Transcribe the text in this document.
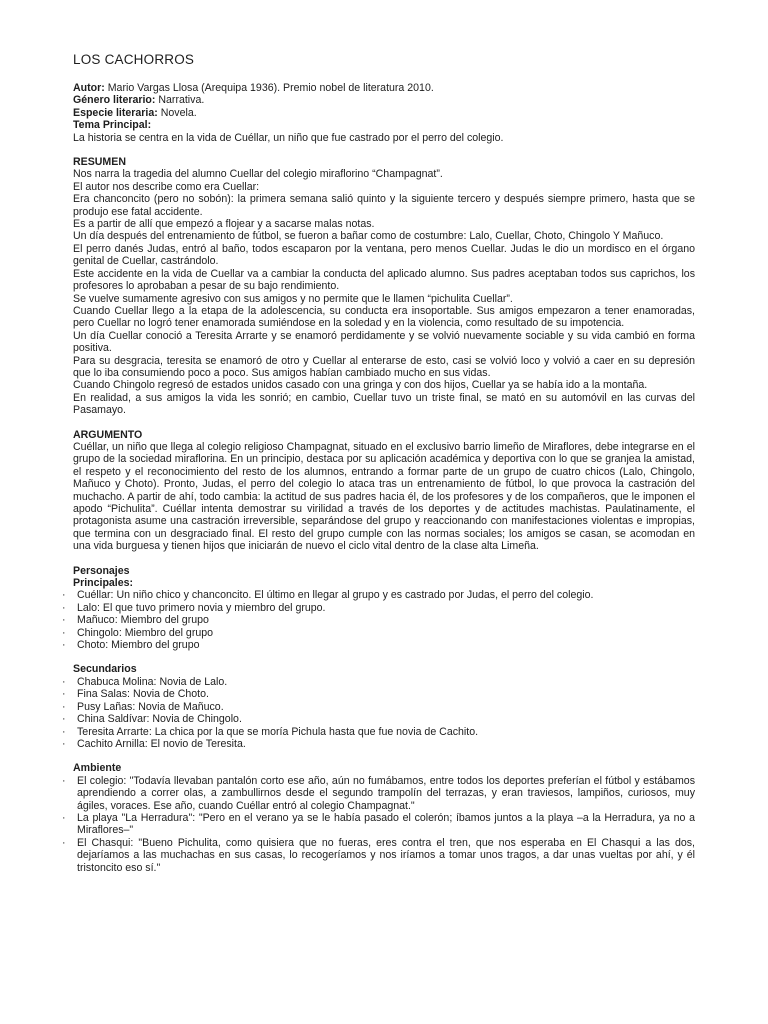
LOS CACHORROS

Autor: Mario Vargas Llosa (Arequipa 1936). Premio nobel de literatura 2010.

Género literario: Narrativa.

Especie literaria: Novela.

Tema Principal:

La historia se centra en la vida de Cuéllar, un niño que fue castrado por el perro del colegio.

RESUMEN

Nos narra la tragedia del alumno Cuellar del colegio miraflorino “Champagnat”.

El autor nos describe como era Cuellar:

Era chanconcito (pero no sobón): la primera semana salió quinto y la siguiente tercero y después siempre primero, hasta que se produjo ese fatal accidente.

Es a partir de allí que empezó a flojear y a sacarse malas notas.

Un día después del entrenamiento de fútbol, se fueron a bañar como de costumbre: Lalo, Cuellar, Choto, Chingolo Y Mañuco.

El perro danés Judas, entró al baño, todos escaparon por la ventana, pero menos Cuellar. Judas le dio un mordisco en el órgano genital de Cuellar, castrándolo.

Este accidente en la vida de Cuellar va a cambiar la conducta del aplicado alumno. Sus padres aceptaban todos sus caprichos, los profesores lo aprobaban a pesar de su bajo rendimiento.

Se vuelve sumamente agresivo con sus amigos y no permite que le llamen “pichulita Cuellar”.

Cuando Cuellar llego a la etapa de la adolescencia, su conducta era insoportable. Sus amigos empezaron a tener enamoradas, pero Cuellar no logró tener enamorada sumiéndose en la soledad y en la violencia, como resultado de su impotencia.

Un día Cuellar conoció a Teresita Arrarte y se enamoró perdidamente y se volvió nuevamente sociable y su vida cambió en forma positiva.

Para su desgracia, teresita se enamoró de otro y Cuellar al enterarse de esto, casi se volvió loco y volvió a caer en su depresión que lo iba consumiendo poco a poco. Sus amigos habían cambiado mucho en sus vidas.

Cuando Chingolo regresó de estados unidos casado con una gringa y con dos hijos, Cuellar ya se había ido a la montaña.

En realidad, a sus amigos la vida les sonrió; en cambio, Cuellar tuvo un triste final, se mató en su automóvil en las curvas del Pasamayo.

ARGUMENTO

Cuéllar, un niño que llega al colegio religioso Champagnat, situado en el exclusivo barrio limeño de Miraflores, debe integrarse en el grupo de la sociedad miraflorina. En un principio, destaca por su aplicación académica y deportiva con lo que se granjea la amistad, el respeto y el reconocimiento del resto de los alumnos, entrando a formar parte de un grupo de cuatro chicos (Lalo, Chingolo, Mañuco y Choto). Pronto, Judas, el perro del colegio lo ataca tras un entrenamiento de fútbol, lo que provoca la castración del muchacho. A partir de ahí, todo cambia: la actitud de sus padres hacia él, de los profesores y de los compañeros, que le imponen el apodo “Pichulita”. Cuéllar intenta demostrar su virilidad a través de los deportes y de actitudes machistas. Paulatinamente, el protagonista asume una castración irreversible, separándose del grupo y reaccionando con manifestaciones violentas e impropias, que termina con un desgraciado final. El resto del grupo cumple con las normas sociales; los amigos se casan, se acomodan en una vida burguesa y tienen hijos que iniciarán de nuevo el ciclo vital dentro de la clase alta Limeña.

Personajes

Principales:

· Cuéllar: Un niño chico y chanconcito. El último en llegar al grupo y es castrado por Judas, el perro del colegio.
· Lalo: El que tuvo primero novia y miembro del grupo.
· Mañuco: Miembro del grupo
· Chingolo: Miembro del grupo
· Choto: Miembro del grupo

Secundarios

· Chabuca Molina: Novia de Lalo.
· Fina Salas: Novia de Choto.
· Pusy Lañas: Novia de Mañuco.
· China Saldívar: Novia de Chingolo.
· Teresita Arrarte: La chica por la que se moría Pichula hasta que fue novia de Cachito.
· Cachito Arnilla: El novio de Teresita.

Ambiente

· El colegio: "Todavía llevaban pantalón corto ese año, aún no fumábamos, entre todos los deportes preferían el fútbol y estábamos aprendiendo a correr olas, a zambullirnos desde el segundo trampolín del terrazas, y eran traviesos, lampiños, curiosos, muy ágiles, voraces. Ese año, cuando Cuéllar entró al colegio Champagnat."
· La playa "La Herradura": "Pero en el verano ya se le había pasado el colerón; íbamos juntos a la playa –a la Herradura, ya no a Miraflores–"
· El Chasqui: "Bueno Pichulita, como quisiera que no fueras, eres contra el tren, que nos esperaba en El Chasqui a las dos, dejaríamos a las muchachas en sus casas, lo recogeríamos y nos iríamos a tomar unos tragos, a dar unas vueltas por ahí, y él tristoncito eso sí."
